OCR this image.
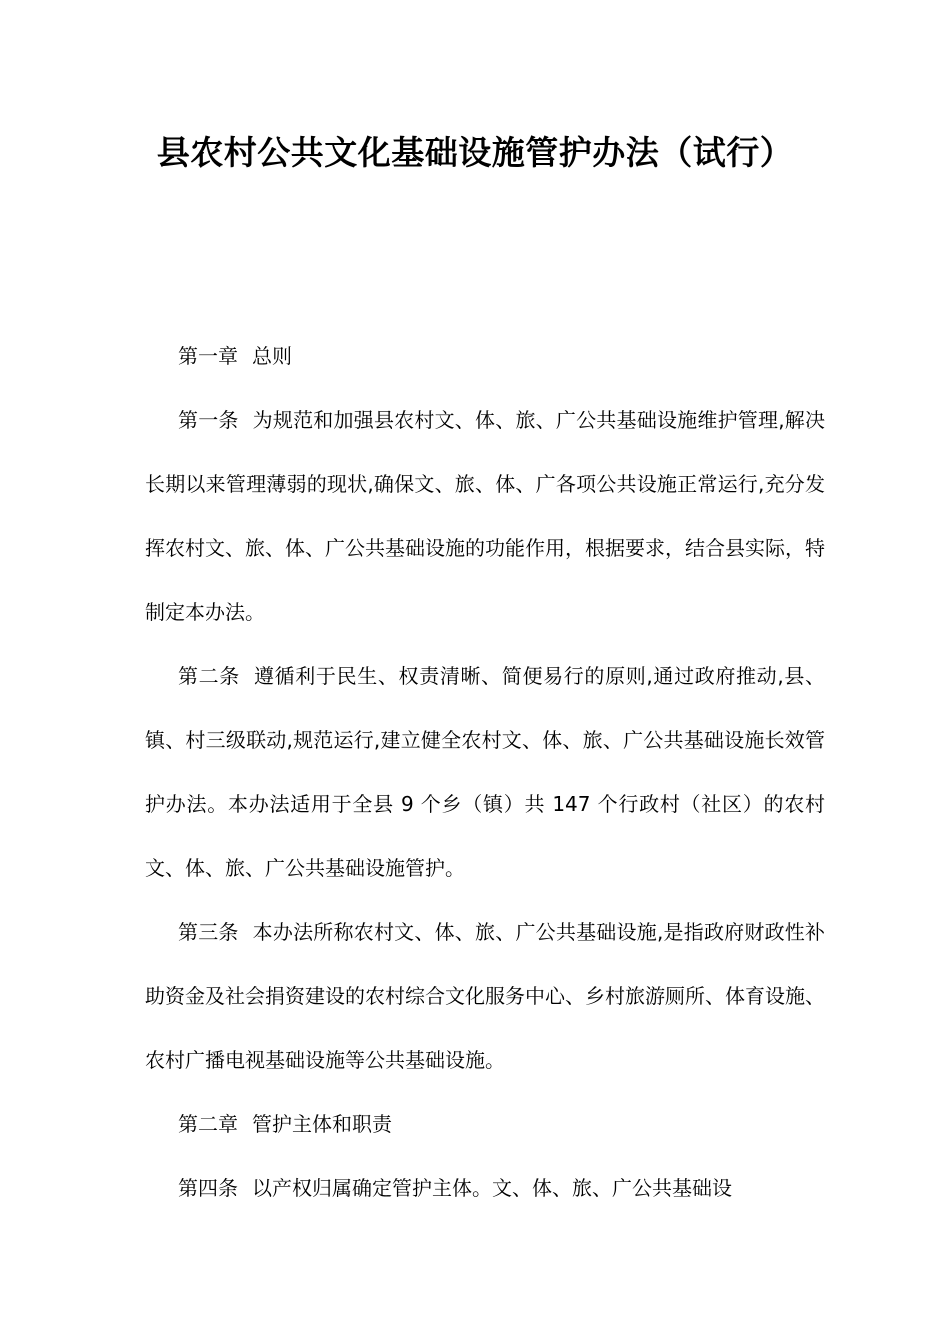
县农村公共文化基础设施管护办法（试行）

第一章 总则

第一条 为规范和加强县农村文、体、旅、广公共基础设施维护管理,解决长期以来管理薄弱的现状,确保文、旅、体、广各项公共设施正常运行,充分发挥农村文、旅、体、广公共基础设施的功能作用，根据要求，结合县实际，特制定本办法。

第二条 遵循利于民生、权责清晰、简便易行的原则,通过政府推动,县、镇、村三级联动,规范运行,建立健全农村文、体、旅、广公共基础设施长效管护办法。本办法适用于全县 9 个乡（镇）共 147 个行政村（社区）的农村文、体、旅、广公共基础设施管护。

第三条 本办法所称农村文、体、旅、广公共基础设施,是指政府财政性补助资金及社会捐资建设的农村综合文化服务中心、乡村旅游厕所、体育设施、农村广播电视基础设施等公共基础设施。

第二章 管护主体和职责

第四条 以产权归属确定管护主体。文、体、旅、广公共基础设
